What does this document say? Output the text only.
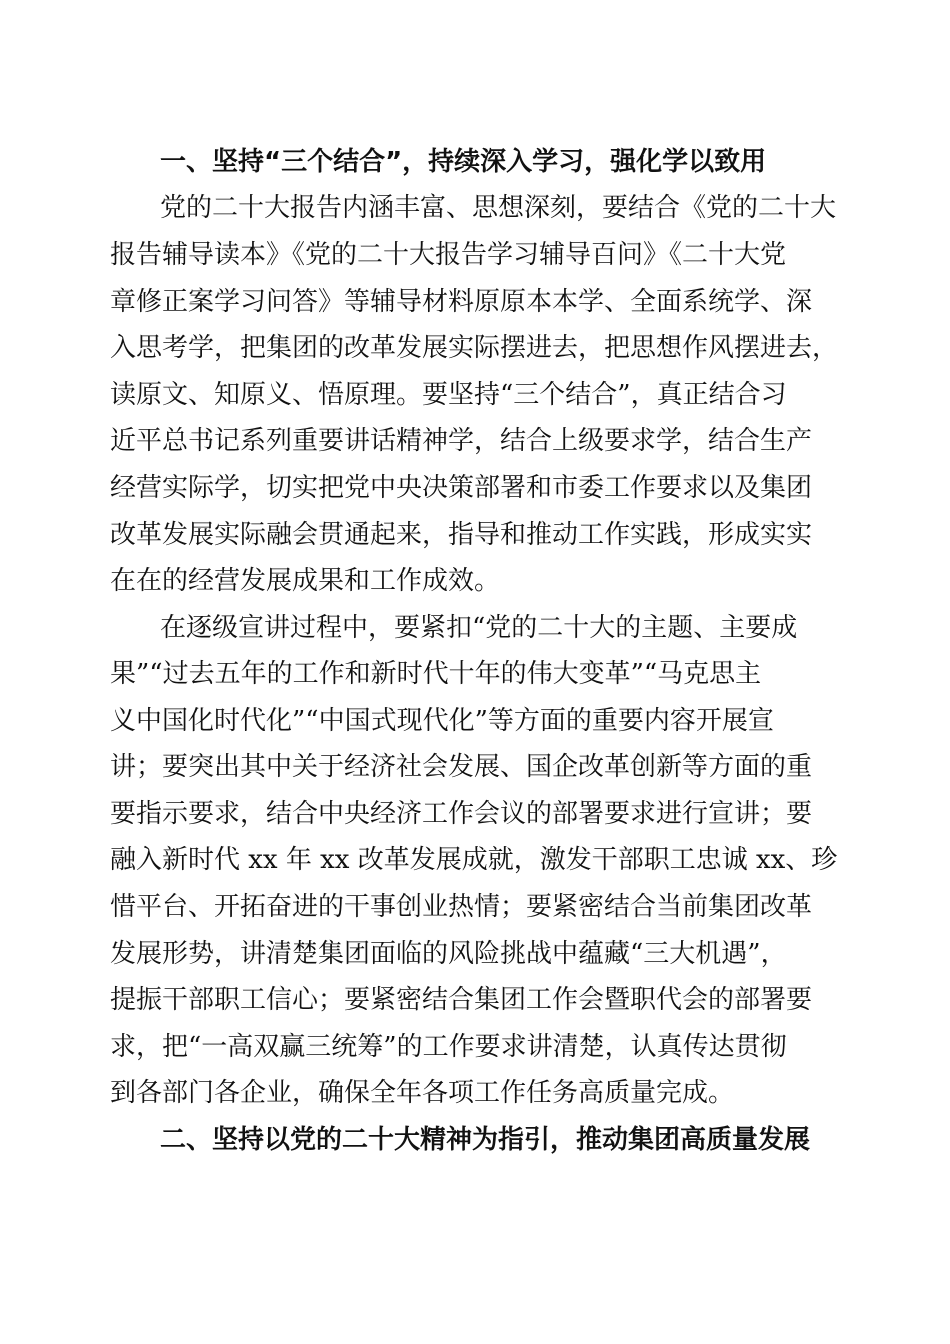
一、坚持“三个结合”，持续深入学习，强化学以致用
党的二十大报告内涵丰富、思想深刻，要结合《党的二十大
报告辅导读本》《党的二十大报告学习辅导百问》《二十大党
章修正案学习问答》等辅导材料原原本本学、全面系统学、深
入思考学，把集团的改革发展实际摆进去，把思想作风摆进去，
读原文、知原义、悟原理。要坚持“三个结合”，真正结合习
近平总书记系列重要讲话精神学，结合上级要求学，结合生产
经营实际学，切实把党中央决策部署和市委工作要求以及集团
改革发展实际融会贯通起来，指导和推动工作实践，形成实实
在在的经营发展成果和工作成效。
在逐级宣讲过程中，要紧扣“党的二十大的主题、主要成
果”“过去五年的工作和新时代十年的伟大变革”“马克思主
义中国化时代化”“中国式现代化”等方面的重要内容开展宣
讲；要突出其中关于经济社会发展、国企改革创新等方面的重
要指示要求，结合中央经济工作会议的部署要求进行宣讲；要
融入新时代 xx 年 xx 改革发展成就，激发干部职工忠诚 xx、珍
惜平台、开拓奋进的干事创业热情；要紧密结合当前集团改革
发展形势，讲清楚集团面临的风险挑战中蕴藏“三大机遇”，
提振干部职工信心；要紧密结合集团工作会暨职代会的部署要
求，把“一高双赢三统筹”的工作要求讲清楚，认真传达贯彻
到各部门各企业，确保全年各项工作任务高质量完成。
二、坚持以党的二十大精神为指引，推动集团高质量发展
